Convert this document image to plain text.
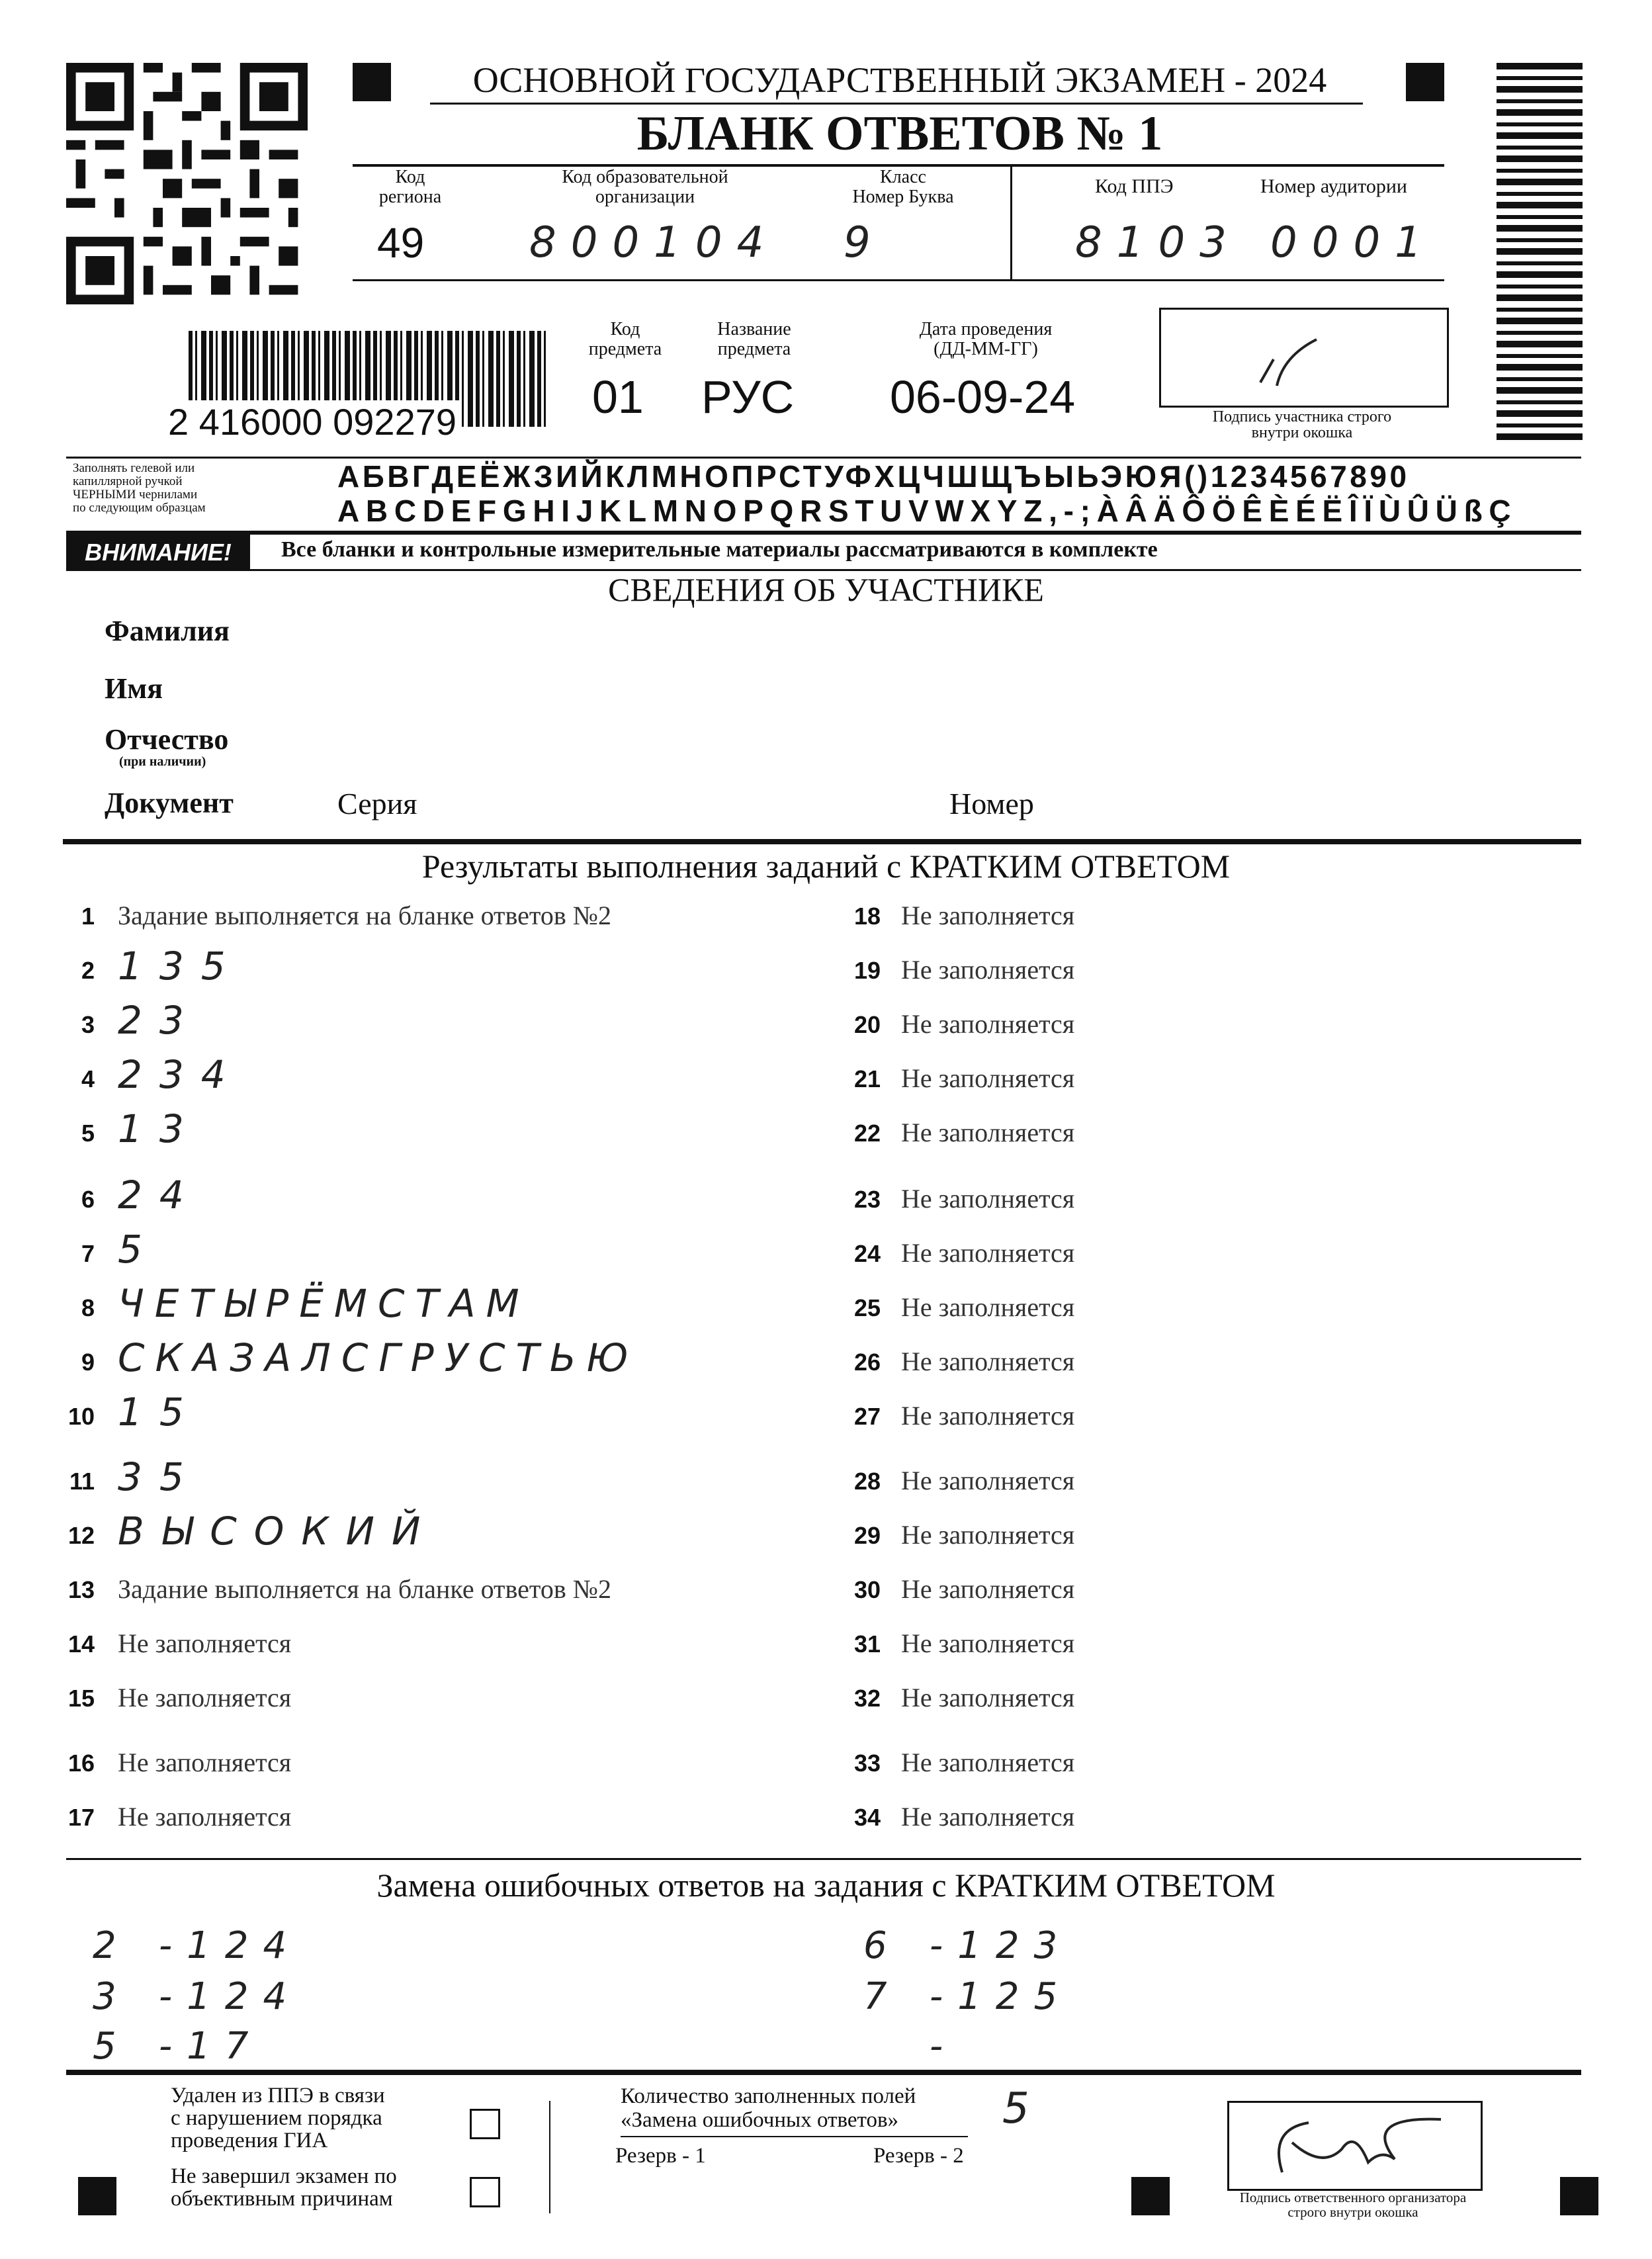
ОСНОВНОЙ ГОСУДАРСТВЕННЫЙ ЭКЗАМЕН - 2024
БЛАНК ОТВЕТОВ № 1
Код
региона
49
Код образовательной
организации
800104
Класс
Номер Буква
9
Код ППЭ
8103
Номер аудитории
0001
2 416000 092279
Код
предмета
01
Название
предмета
РУС
Дата проведения
(ДД-ММ-ГГ)
06-09-24	Подпись участника строго
внутри окошка
Заполнять гелевой или
капиллярной ручкой
ЧЕРНЫМИ чернилами
по следующим образцам
АБВГДЕЁЖЗИЙКЛМНОПРСТУФХЦЧШЩЪЫЬЭЮЯ()1234567890
ABCDEFGHIJKLMNOPQRSTUVWXYZ,-;ÀÂÄÔÖÊÈÉËÎÏÙÛÜßÇ
ВНИМАНИЕ!	Все бланки и контрольные измерительные материалы рассматриваются в комплекте
СВЕДЕНИЯ ОБ УЧАСТНИКЕ
Фамилия
Имя
Отчество
(при наличии)
Документ	Серия	Номер
Результаты выполнения заданий с КРАТКИМ ОТВЕТОМ
1 Задание выполняется на бланке ответов №2
2 135
3 23
4 234
5 13
6 24
7 5
8 ЧЕТЫРЁМСТАМ
9 СКАЗАЛСГРУСТЬЮ
10 15
11 35
12 ВЫСОКИЙ
13 Задание выполняется на бланке ответов №2
14 Не заполняется
15 Не заполняется
16 Не заполняется
17 Не заполняется
18 Не заполняется
19 Не заполняется
20 Не заполняется
21 Не заполняется
22 Не заполняется
23 Не заполняется
24 Не заполняется
25 Не заполняется
26 Не заполняется
27 Не заполняется
28 Не заполняется
29 Не заполняется
30 Не заполняется
31 Не заполняется
32 Не заполняется
33 Не заполняется
34 Не заполняется
Замена ошибочных ответов на задания с КРАТКИМ ОТВЕТОМ
2 -124
3 -124
5 -17
6 -123
7 -125
-
Удален из ППЭ в связи
с нарушением порядка
проведения ГИА
Не завершил экзамен по
объективным причинам
Количество заполненных полей
«Замена ошибочных ответов»	5
Резерв - 1	Резерв - 2
Подпись ответственного организатора
строго внутри окошка
